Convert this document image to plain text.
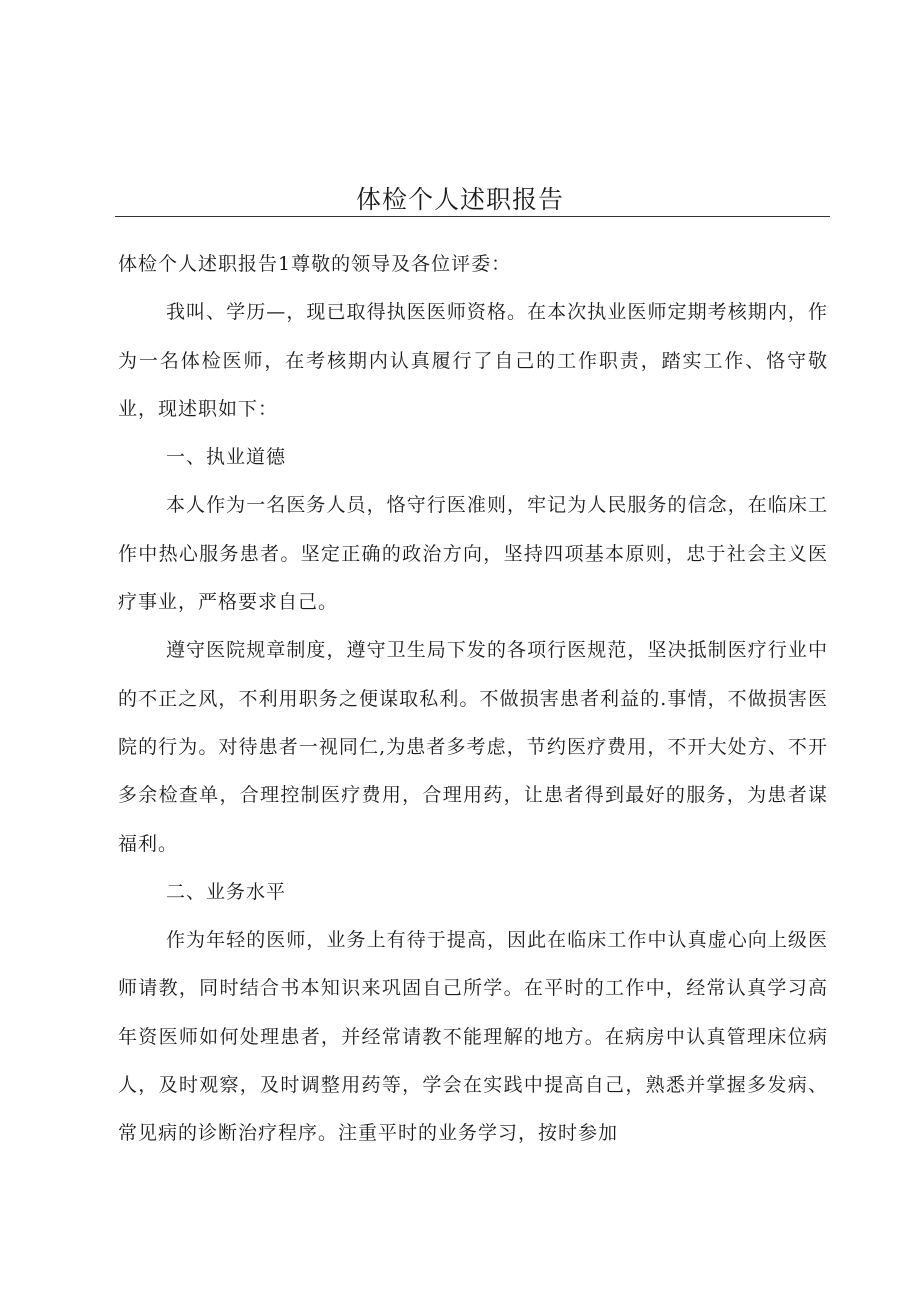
体检个人述职报告

体检个人述职报告1尊敬的领导及各位评委：

我叫、学历—，现已取得执医医师资格。在本次执业医师定期考核期内，作为一名体检医师，在考核期内认真履行了自己的工作职责，踏实工作、恪守敬业，现述职如下：

一、执业道德

本人作为一名医务人员，恪守行医准则，牢记为人民服务的信念，在临床工作中热心服务患者。坚定正确的政治方向，坚持四项基本原则，忠于社会主义医疗事业，严格要求自己。

遵守医院规章制度，遵守卫生局下发的各项行医规范，坚决抵制医疗行业中的不正之风，不利用职务之便谋取私利。不做损害患者利益的.事情，不做损害医院的行为。对待患者一视同仁,为患者多考虑，节约医疗费用，不开大处方、不开多余检查单，合理控制医疗费用，合理用药，让患者得到最好的服务，为患者谋福利。

二、业务水平

作为年轻的医师，业务上有待于提高，因此在临床工作中认真虚心向上级医师请教，同时结合书本知识来巩固自己所学。在平时的工作中，经常认真学习高年资医师如何处理患者，并经常请教不能理解的地方。在病房中认真管理床位病人，及时观察，及时调整用药等，学会在实践中提高自己，熟悉并掌握多发病、常见病的诊断治疗程序。注重平时的业务学习，按时参加
